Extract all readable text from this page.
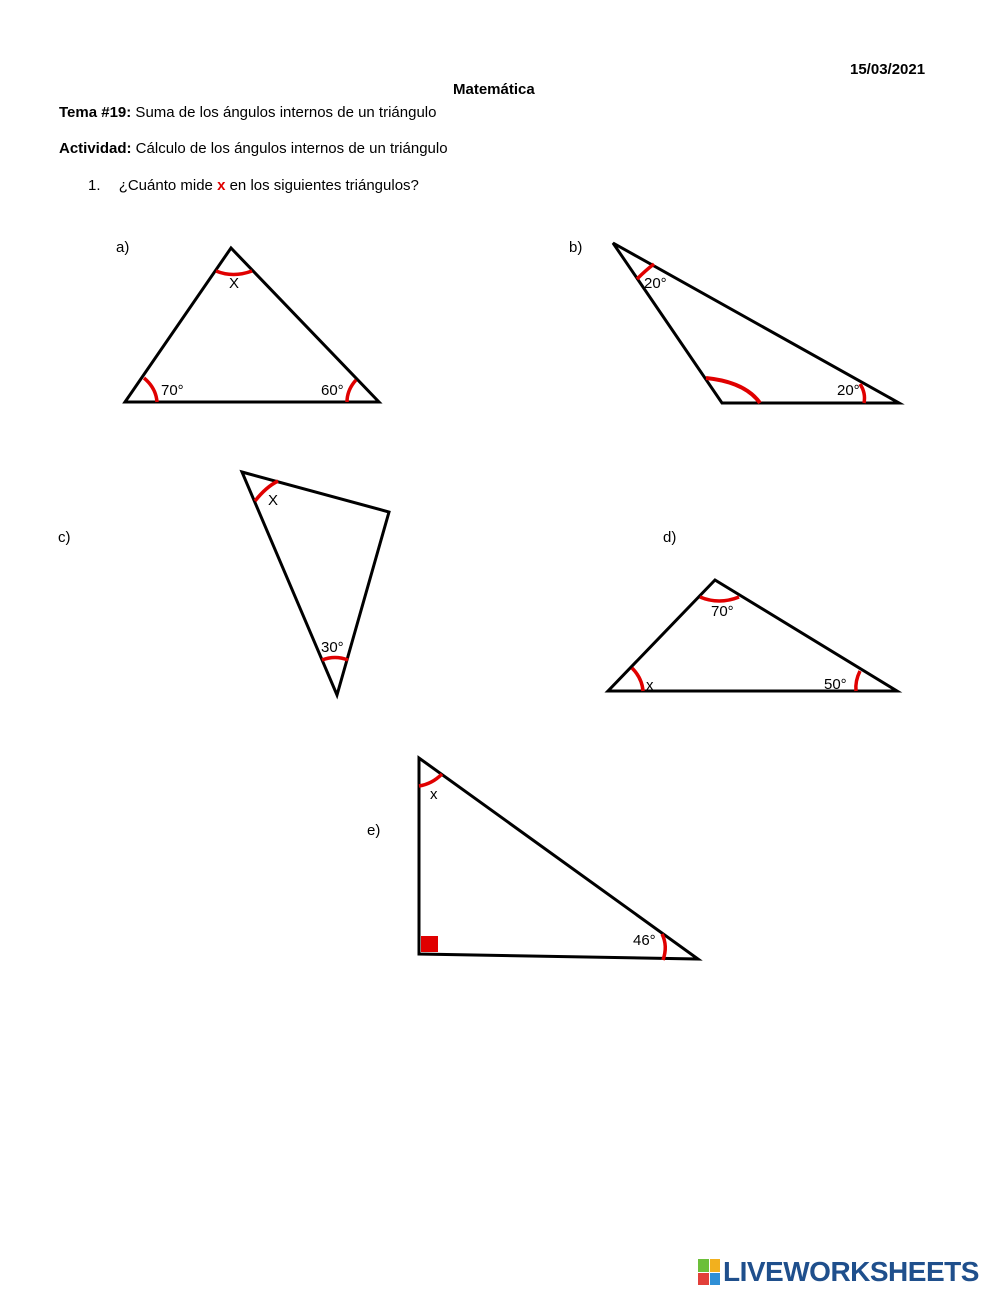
15/03/2021
Matemática
Tema #19: Suma de los ángulos internos de un triángulo
Actividad: Cálculo de los ángulos internos de un triángulo
1. ¿Cuánto mide x en los siguientes triángulos?
a)
X
70°	60°
b)
20°
20°
c)
X
30°
d)
70°
x	50°
e)
x
46°
LIVEWORKSHEETS
